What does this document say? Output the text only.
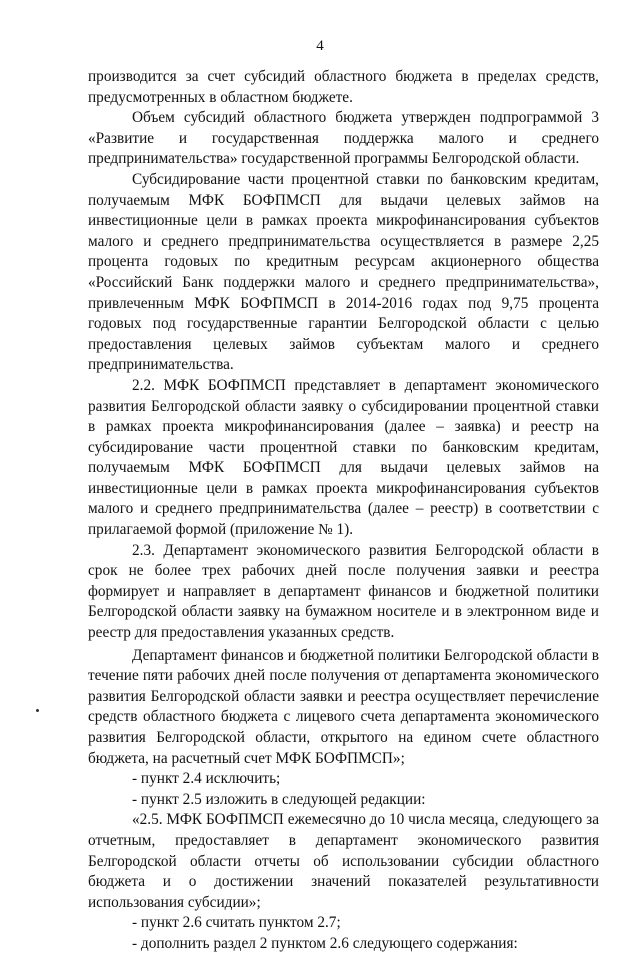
4

производится за счет субсидий областного бюджета в пределах средств, предусмотренных в областном бюджете.

Объем субсидий областного бюджета утвержден подпрограммой 3 «Развитие и государственная поддержка малого и среднего предпринимательства» государственной программы Белгородской области.

Субсидирование части процентной ставки по банковским кредитам, получаемым МФК БОФПМСП для выдачи целевых займов на инвестиционные цели в рамках проекта микрофинансирования субъектов малого и среднего предпринимательства осуществляется в размере 2,25 процента годовых по кредитным ресурсам акционерного общества «Российский Банк поддержки малого и среднего предпринимательства», привлеченным МФК БОФПМСП в 2014-2016 годах под 9,75 процента годовых под государственные гарантии Белгородской области с целью предоставления целевых займов субъектам малого и среднего предпринимательства.

2.2. МФК БОФПМСП представляет в департамент экономического развития Белгородской области заявку о субсидировании процентной ставки в рамках проекта микрофинансирования (далее – заявка) и реестр на субсидирование части процентной ставки по банковским кредитам, получаемым МФК БОФПМСП для выдачи целевых займов на инвестиционные цели в рамках проекта микрофинансирования субъектов малого и среднего предпринимательства (далее – реестр) в соответствии с прилагаемой формой (приложение № 1).

2.3. Департамент экономического развития Белгородской области в срок не более трех рабочих дней после получения заявки и реестра формирует и направляет в департамент финансов и бюджетной политики Белгородской области заявку на бумажном носителе и в электронном виде и реестр для предоставления указанных средств.

Департамент финансов и бюджетной политики Белгородской области в течение пяти рабочих дней после получения от департамента экономического развития Белгородской области заявки и реестра осуществляет перечисление средств областного бюджета с лицевого счета департамента экономического развития Белгородской области, открытого на едином счете областного бюджета, на расчетный счет МФК БОФПМСП»;

- пункт 2.4 исключить;

- пункт 2.5 изложить в следующей редакции:

«2.5. МФК БОФПМСП ежемесячно до 10 числа месяца, следующего за отчетным, предоставляет в департамент экономического развития Белгородской области отчеты об использовании субсидии областного бюджета и о достижении значений показателей результативности использования субсидии»;

- пункт 2.6 считать пунктом 2.7;

- дополнить раздел 2 пунктом 2.6 следующего содержания:
